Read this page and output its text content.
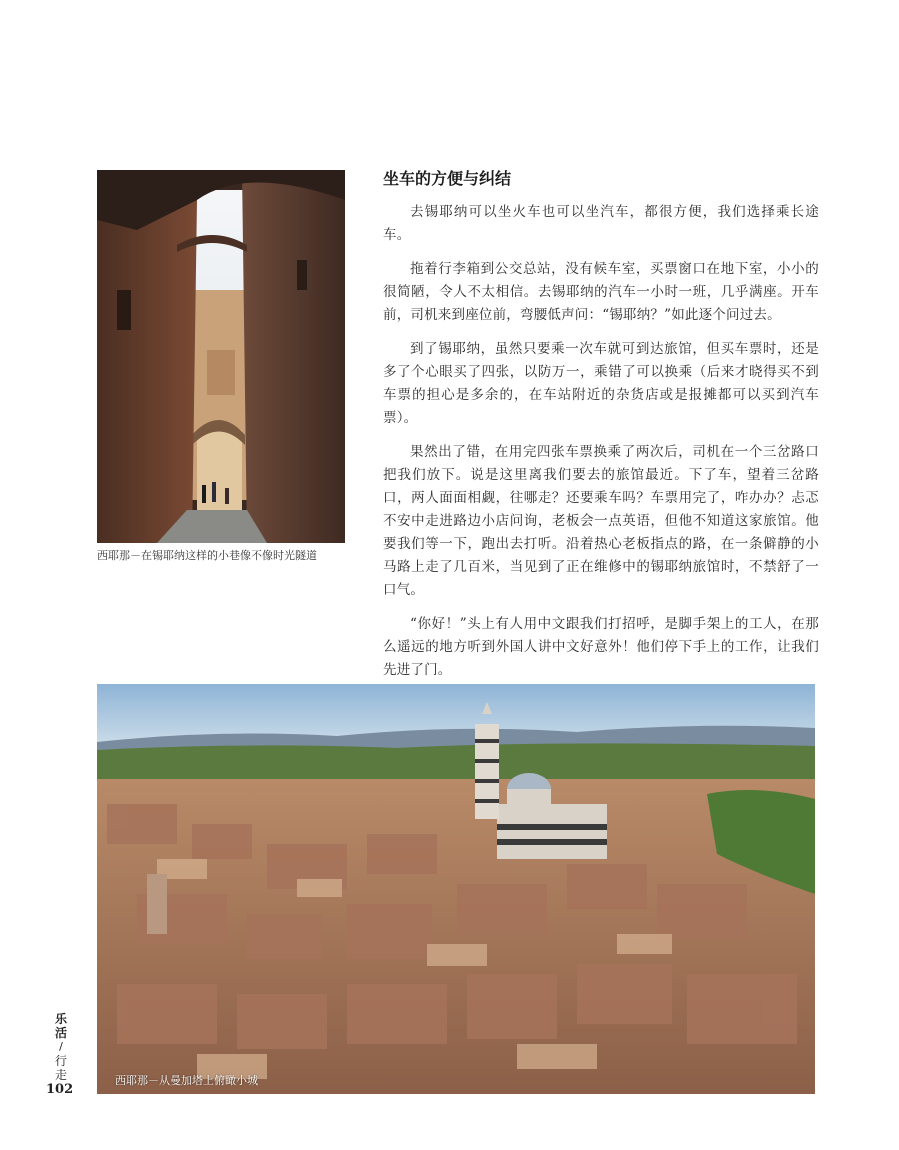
西耶那－在锡耶纳这样的小巷像不像时光隧道
坐车的方便与纠结

去锡耶纳可以坐火车也可以坐汽车，都很方便，我们选择乘长途车。

拖着行李箱到公交总站，没有候车室，买票窗口在地下室，小小的很简陋，令人不太相信。去锡耶纳的汽车一小时一班，几乎满座。开车前，司机来到座位前，弯腰低声问：“锡耶纳？”如此逐个问过去。

到了锡耶纳，虽然只要乘一次车就可到达旅馆，但买车票时，还是多了个心眼买了四张，以防万一，乘错了可以换乘（后来才晓得买不到车票的担心是多余的，在车站附近的杂货店或是报摊都可以买到汽车票）。

果然出了错，在用完四张车票换乘了两次后，司机在一个三岔路口把我们放下。说是这里离我们要去的旅馆最近。下了车，望着三岔路口，两人面面相觑，往哪走？还要乘车吗？车票用完了，咋办办？忐忑不安中走进路边小店问询，老板会一点英语，但他不知道这家旅馆。他要我们等一下，跑出去打听。沿着热心老板指点的路，在一条僻静的小马路上走了几百米，当见到了正在维修中的锡耶纳旅馆时，不禁舒了一口气。

“你好！”头上有人用中文跟我们打招呼，是脚手架上的工人，在那么遥远的地方听到外国人讲中文好意外！他们停下手上的工作，让我们先进了门。

西耶那－从曼加塔上俯瞰小城
乐活
/
行走
102
